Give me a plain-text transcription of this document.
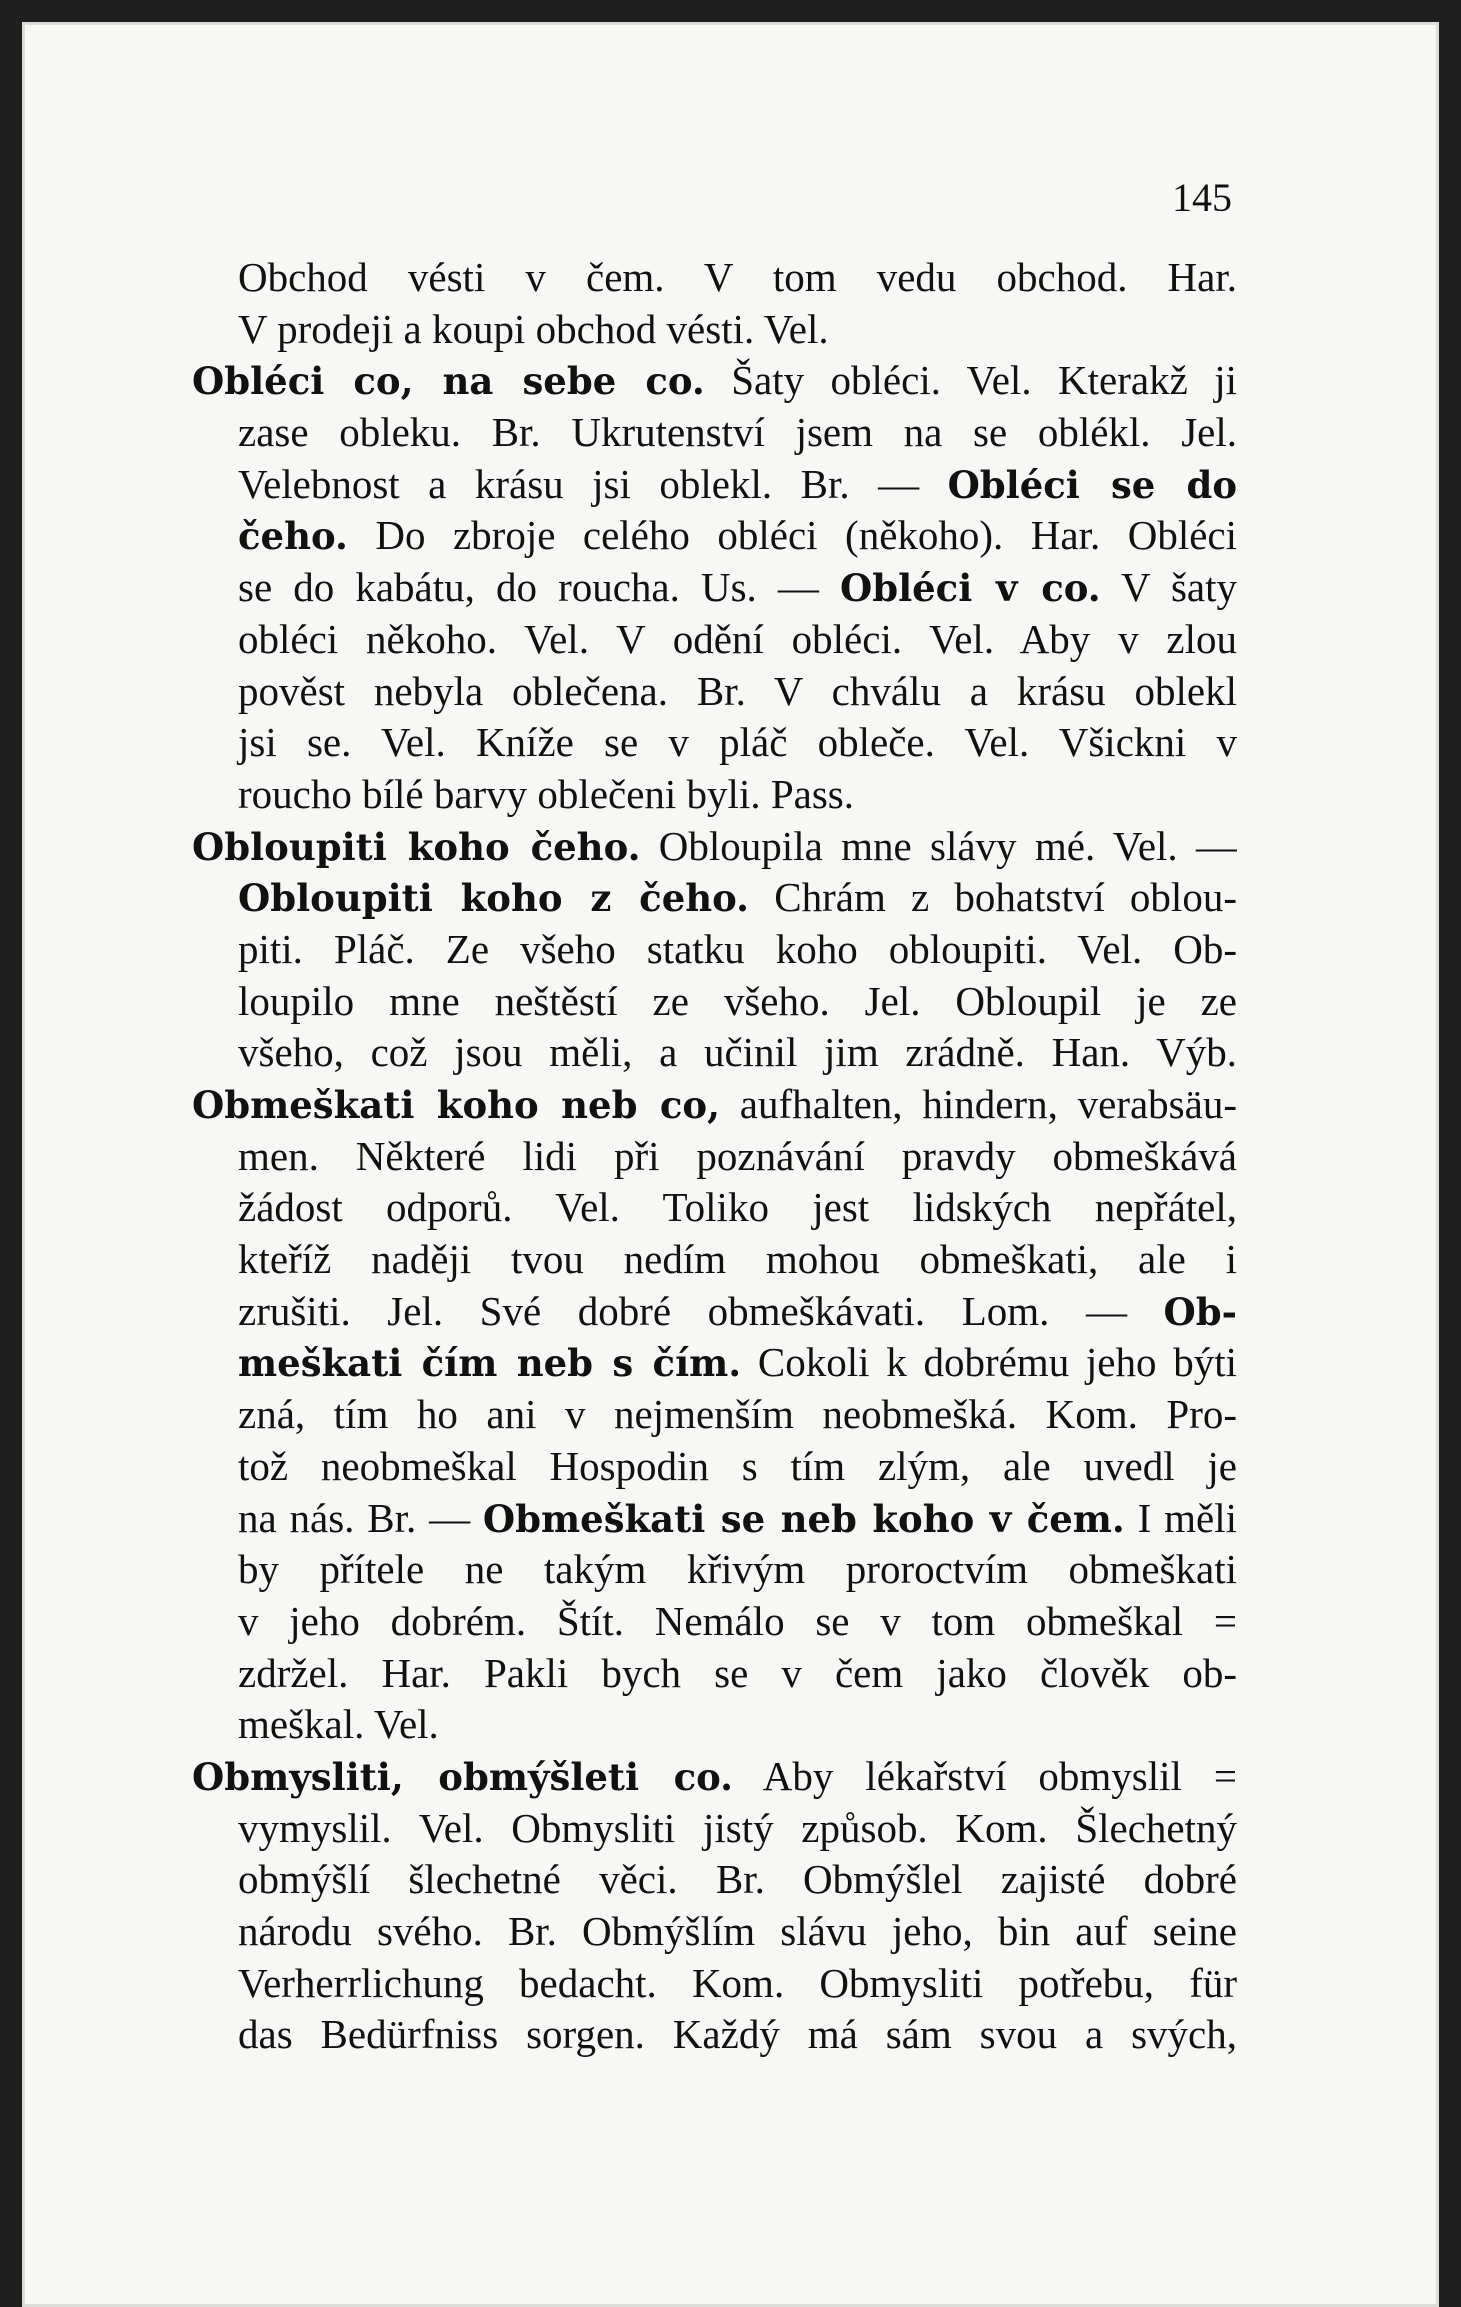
145
Obchod vésti v čem. V tom vedu obchod. Har.
V prodeji a koupi obchod vésti. Vel.
Obléci co, na sebe co. Šaty obléci. Vel. Kterakž ji
zase obleku. Br. Ukrutenství jsem na se oblékl. Jel.
Velebnost a krásu jsi oblekl. Br. — Obléci se do
čeho. Do zbroje celého obléci (někoho). Har. Obléci
se do kabátu, do roucha. Us. — Obléci v co. V šaty
obléci někoho. Vel. V odění obléci. Vel. Aby v zlou
pověst nebyla oblečena. Br. V chválu a krásu oblekl
jsi se. Vel. Kníže se v pláč obleče. Vel. Všickni v
roucho bílé barvy oblečeni byli. Pass.
Obloupiti koho čeho. Obloupila mne slávy mé. Vel. —
Obloupiti koho z čeho. Chrám z bohatství oblou-
piti. Pláč. Ze všeho statku koho obloupiti. Vel. Ob-
loupilo mne neštěstí ze všeho. Jel. Obloupil je ze
všeho, což jsou měli, a učinil jim zrádně. Han. Výb.
Obmeškati koho neb co, aufhalten, hindern, verabsäu-
men. Některé lidi při poznávání pravdy obmeškává
žádost odporů. Vel. Toliko jest lidských nepřátel,
kteříž naději tvou nedím mohou obmeškati, ale i
zrušiti. Jel. Své dobré obmeškávati. Lom. — Ob-
meškati čím neb s čím. Cokoli k dobrému jeho býti
zná, tím ho ani v nejmenším neobmešká. Kom. Pro-
tož neobmeškal Hospodin s tím zlým, ale uvedl je
na nás. Br. — Obmeškati se neb koho v čem. I měli
by přítele ne takým křivým proroctvím obmeškati
v jeho dobrém. Štít. Nemálo se v tom obmeškal =
zdržel. Har. Pakli bych se v čem jako člověk ob-
meškal. Vel.
Obmysliti, obmýšleti co. Aby lékařství obmyslil =
vymyslil. Vel. Obmysliti jistý způsob. Kom. Šlechetný
obmýšlí šlechetné věci. Br. Obmýšlel zajisté dobré
národu svého. Br. Obmýšlím slávu jeho, bin auf seine
Verherrlichung bedacht. Kom. Obmysliti potřebu, für
das Bedürfniss sorgen. Každý má sám svou a svých,
